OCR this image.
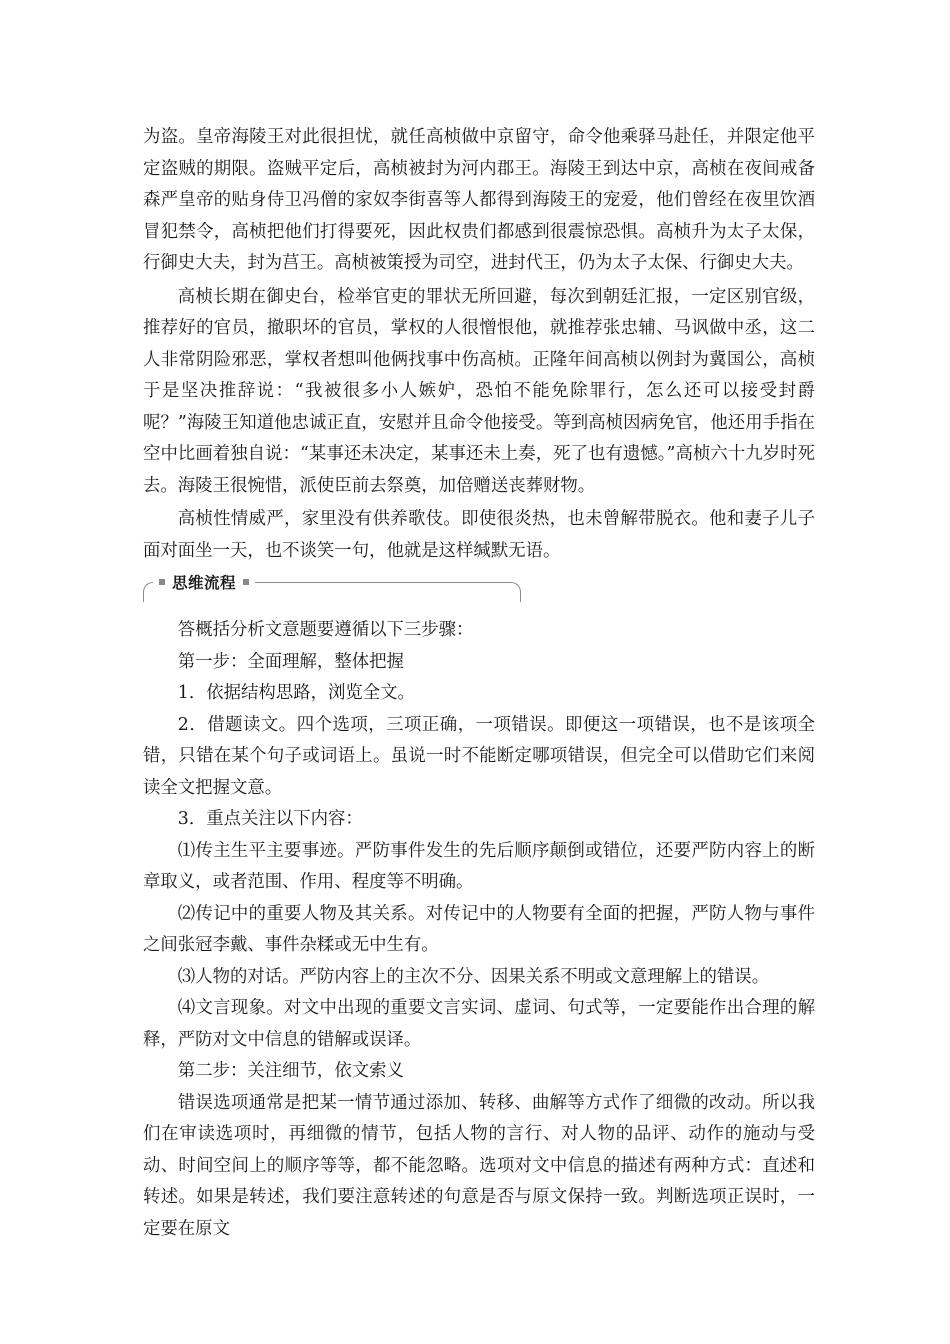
为盗。皇帝海陵王对此很担忧，就任高桢做中京留守，命令他乘驿马赴任，并限定他平定盗贼的期限。盗贼平定后，高桢被封为河内郡王。海陵王到达中京，高桢在夜间戒备森严皇帝的贴身侍卫冯僧的家奴李街喜等人都得到海陵王的宠爱，他们曾经在夜里饮酒冒犯禁令，高桢把他们打得要死，因此权贵们都感到很震惊恐惧。高桢升为太子太保，行御史大夫，封为莒王。高桢被策授为司空，进封代王，仍为太子太保、行御史大夫。

高桢长期在御史台，检举官吏的罪状无所回避，每次到朝廷汇报，一定区别官级，推荐好的官员，撤职坏的官员，掌权的人很憎恨他，就推荐张忠辅、马讽做中丞，这二人非常阴险邪恶，掌权者想叫他俩找事中伤高桢。正隆年间高桢以例封为冀国公，高桢于是坚决推辞说：“我被很多小人嫉妒，恐怕不能免除罪行，怎么还可以接受封爵呢？”海陵王知道他忠诚正直，安慰并且命令他接受。等到高桢因病免官，他还用手指在空中比画着独自说：“某事还未决定，某事还未上奏，死了也有遗憾。”高桢六十九岁时死去。海陵王很惋惜，派使臣前去祭奠，加倍赠送丧葬财物。

高桢性情威严，家里没有供养歌伎。即使很炎热，也未曾解带脱衣。他和妻子儿子面对面坐一天，也不谈笑一句，他就是这样缄默无语。

思维流程

答概括分析文意题要遵循以下三步骤：

第一步：全面理解，整体把握

1．依据结构思路，浏览全文。

2．借题读文。四个选项，三项正确，一项错误。即便这一项错误，也不是该项全错，只错在某个句子或词语上。虽说一时不能断定哪项错误，但完全可以借助它们来阅读全文把握文意。

3．重点关注以下内容：

⑴传主生平主要事迹。严防事件发生的先后顺序颠倒或错位，还要严防内容上的断章取义，或者范围、作用、程度等不明确。

⑵传记中的重要人物及其关系。对传记中的人物要有全面的把握，严防人物与事件之间张冠李戴、事件杂糅或无中生有。

⑶人物的对话。严防内容上的主次不分、因果关系不明或文意理解上的错误。

⑷文言现象。对文中出现的重要文言实词、虚词、句式等，一定要能作出合理的解释，严防对文中信息的错解或误译。

第二步：关注细节，依文索义

错误选项通常是把某一情节通过添加、转移、曲解等方式作了细微的改动。所以我们在审读选项时，再细微的情节，包括人物的言行、对人物的品评、动作的施动与受动、时间空间上的顺序等等，都不能忽略。选项对文中信息的描述有两种方式：直述和转述。如果是转述，我们要注意转述的句意是否与原文保持一致。判断选项正误时，一定要在原文
